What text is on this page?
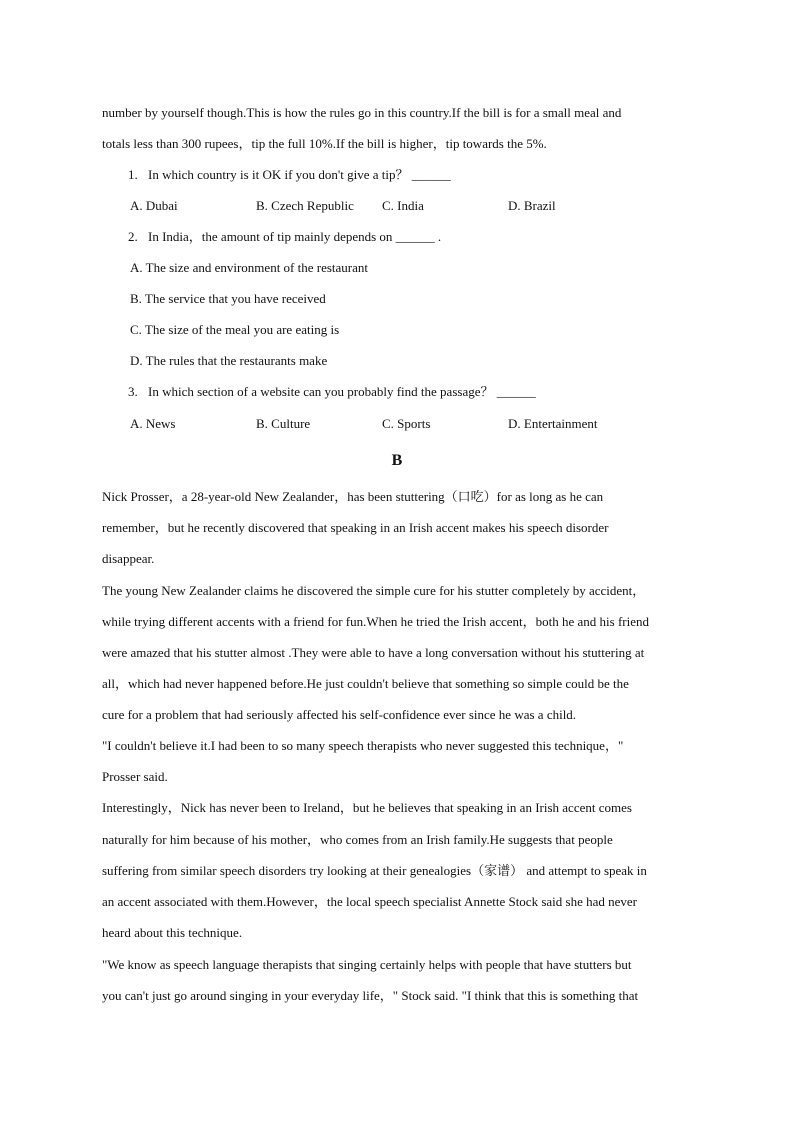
number by yourself though.This is how the rules go in this country.If the bill is for a small meal and
totals less than 300 rupees，tip the full 10%.If the bill is higher，tip towards the 5%.
1. In which country is it OK if you don't give a tip？ ______
A. Dubai	B. Czech Republic C. India	D. Brazil
2. In India，the amount of tip mainly depends on ______ .
A. The size and environment of the restaurant
B. The service that you have received
C. The size of the meal you are eating is
D. The rules that the restaurants make
3. In which section of a website can you probably find the passage？ ______
A. News	B. Culture	C. Sports	D. Entertainment
B
Nick Prosser，a 28-year-old New Zealander，has been stuttering（口吃）for as long as he can
remember，but he recently discovered that speaking in an Irish accent makes his speech disorder
disappear.
The young New Zealander claims he discovered the simple cure for his stutter completely by accident，
while trying different accents with a friend for fun.When he tried the Irish accent，both he and his friend
were amazed that his stutter almost .They were able to have a long conversation without his stuttering at
all，which had never happened before.He just couldn't believe that something so simple could be the
cure for a problem that had seriously affected his self-confidence ever since he was a child.
"I couldn't believe it.I had been to so many speech therapists who never suggested this technique，"
Prosser said.
Interestingly，Nick has never been to Ireland，but he believes that speaking in an Irish accent comes
naturally for him because of his mother，who comes from an Irish family.He suggests that people
suffering from similar speech disorders try looking at their genealogies（家谱） and attempt to speak in
an accent associated with them.However，the local speech specialist Annette Stock said she had never
heard about this technique.
"We know as speech language therapists that singing certainly helps with people that have stutters but
you can't just go around singing in your everyday life，" Stock said. "I think that this is something that
